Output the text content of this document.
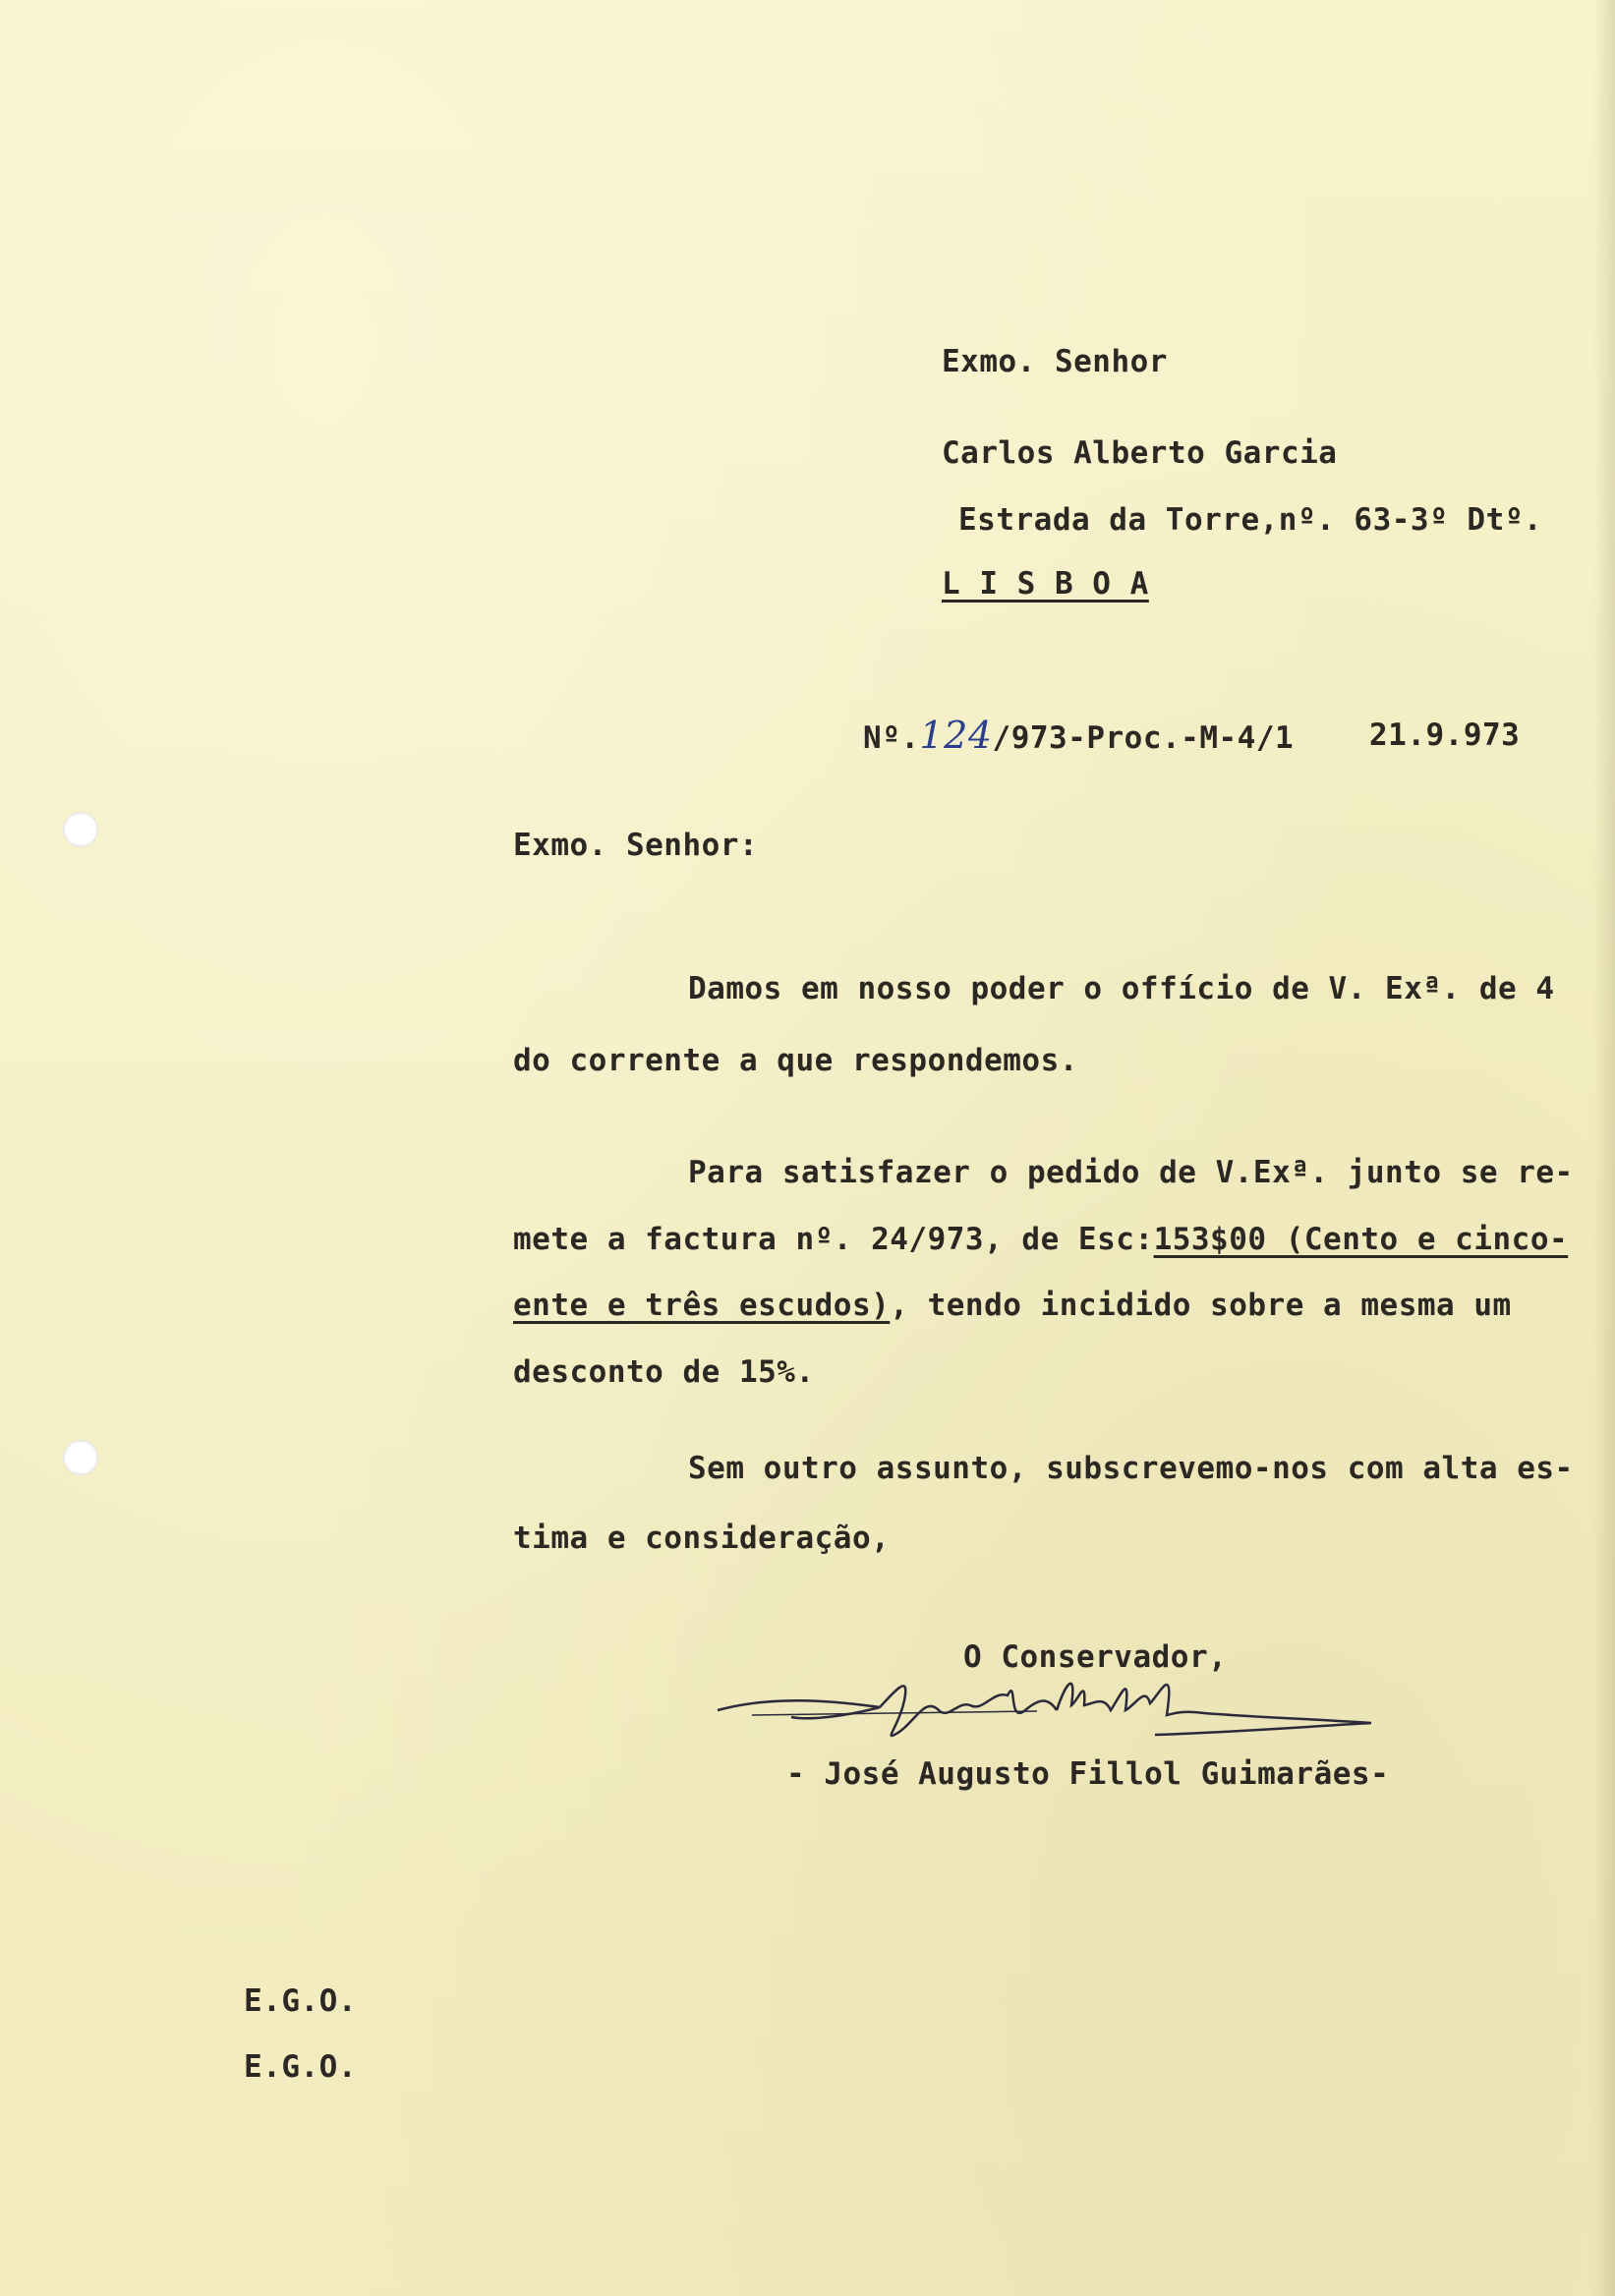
Exmo. Senhor

Carlos Alberto Garcia

Estrada da Torre,nº. 63-3º Dtº.

L I S B O A

Nº.124/973-Proc.-M-4/1 21.9.973

Exmo. Senhor:

Damos em nosso poder o offício de V. Exª. de 4

do corrente a que respondemos.

Para satisfazer o pedido de V.Exª. junto se re-

mete a factura nº. 24/973, de Esc:153$00 (Cento e cinco-

ente e três escudos), tendo incidido sobre a mesma um

desconto de 15%.

Sem outro assunto, subscrevemo-nos com alta es-

tima e consideração,

O Conservador,

- José Augusto Fillol Guimarães-

E.G.O.

E.G.O.
